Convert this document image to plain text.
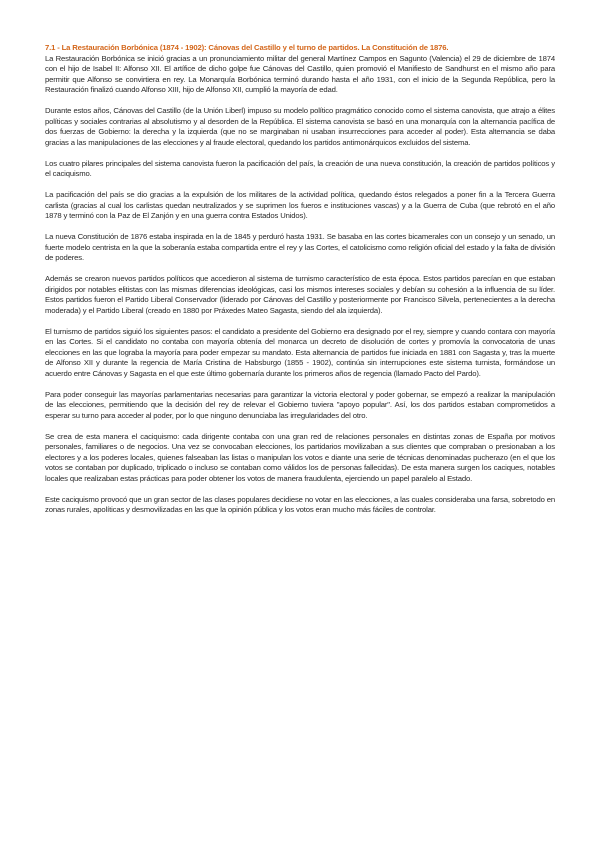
7.1 - La Restauración Borbónica (1874 - 1902): Cánovas del Castillo y el turno de partidos. La Constitución de 1876.

La Restauración Borbónica se inició gracias a un pronunciamiento militar del general Martínez Campos en Sagunto (Valencia) el 29 de diciembre de 1874 con el hijo de Isabel II: Alfonso XII. El artífice de dicho golpe fue Cánovas del Castillo, quien promovió el Manifiesto de Sandhurst en el mismo año para permitir que Alfonso se convirtiera en rey. La Monarquía Borbónica terminó durando hasta el año 1931, con el inicio de la Segunda República, pero la Restauración finalizó cuando Alfonso XIII, hijo de Alfonso XII, cumplió la mayoría de edad.

Durante estos años, Cánovas del Castillo (de la Unión Liberl) impuso su modelo político pragmático conocido como el sistema canovista, que atrajo a élites políticas y sociales contrarias al absolutismo y al desorden de la República. El sistema canovista se basó en una monarquía con la alternancia pacífica de dos fuerzas de Gobierno: la derecha y la izquierda (que no se marginaban ni usaban insurrecciones para acceder al poder). Esta alternancia se daba gracias a las manipulaciones de las elecciones y al fraude electoral, quedando los partidos antimonárquicos excluidos del sistema.

Los cuatro pilares principales del sistema canovista fueron la pacificación del país, la creación de una nueva constitución, la creación de partidos políticos y el caciquismo.

La pacificación del país se dio gracias a la expulsión de los militares de la actividad política, quedando éstos relegados a poner fin a la Tercera Guerra carlista (gracias al cual los carlistas quedan neutralizados y se suprimen los fueros e instituciones vascas) y a la Guerra de Cuba (que rebrotó en el año 1878 y terminó con la Paz de El Zanjón y en una guerra contra Estados Unidos).

La nueva Constitución de 1876 estaba inspirada en la de 1845 y perduró hasta 1931. Se basaba en las cortes bicamerales con un consejo y un senado, un fuerte modelo centrista en la que la soberanía estaba compartida entre el rey y las Cortes, el catolicismo como religión oficial del estado y la falta de división de poderes.

Además se crearon nuevos partidos políticos que accedieron al sistema de turnismo característico de esta época. Estos partidos parecían en que estaban dirigidos por notables elitistas con las mismas diferencias ideológicas, casi los mismos intereses sociales y debían su cohesión a la influencia de su líder. Estos partidos fueron el Partido Liberal Conservador (liderado por Cánovas del Castillo y posteriormente por Francisco Silvela, pertenecientes a la derecha moderada) y el Partido Liberal (creado en 1880 por Práxedes Mateo Sagasta, siendo del ala izquierda).

El turnismo de partidos siguió los siguientes pasos: el candidato a presidente del Gobierno era designado por el rey, siempre y cuando contara con mayoría en las Cortes. Si el candidato no contaba con mayoría obtenía del monarca un decreto de disolución de cortes y promovía la convocatoria de unas elecciones en las que lograba la mayoría para poder empezar su mandato. Esta alternancia de partidos fue iniciada en 1881 con Sagasta y, tras la muerte de Alfonso XII y durante la regencia de María Cristina de Habsburgo (1855 - 1902), continúa sin interrupciones este sistema turnista, formándose un acuerdo entre Cánovas y Sagasta en el que este último gobernaría durante los primeros años de regencia (llamado Pacto del Pardo).

Para poder conseguir las mayorías parlamentarias necesarias para garantizar la victoria electoral y poder gobernar, se empezó a realizar la manipulación de las elecciones, permitiendo que la decisión del rey de relevar el Gobierno tuviera "apoyo popular". Así, los dos partidos estaban comprometidos a esperar su turno para acceder al poder, por lo que ninguno denunciaba las irregularidades del otro.

Se crea de esta manera el caciquismo: cada dirigente contaba con una gran red de relaciones personales en distintas zonas de España por motivos personales, familiares o de negocios. Una vez se convocaban elecciones, los partidarios movilizaban a sus clientes que compraban o presionaban a los electores y a los poderes locales, quienes falseaban las listas o manipulan los votos e diante una serie de técnicas denominadas pucherazo (en el que los votos se contaban por duplicado, triplicado o incluso se contaban como válidos los de personas fallecidas). De esta manera surgen los caciques, notables locales que realizaban estas prácticas para poder obtener los votos de manera fraudulenta, ejerciendo un papel paralelo al Estado.

Este caciquismo provocó que un gran sector de las clases populares decidiese no votar en las elecciones, a las cuales consideraba una farsa, sobretodo en zonas rurales, apolíticas y desmovilizadas en las que la opinión pública y los votos eran mucho más fáciles de controlar.
